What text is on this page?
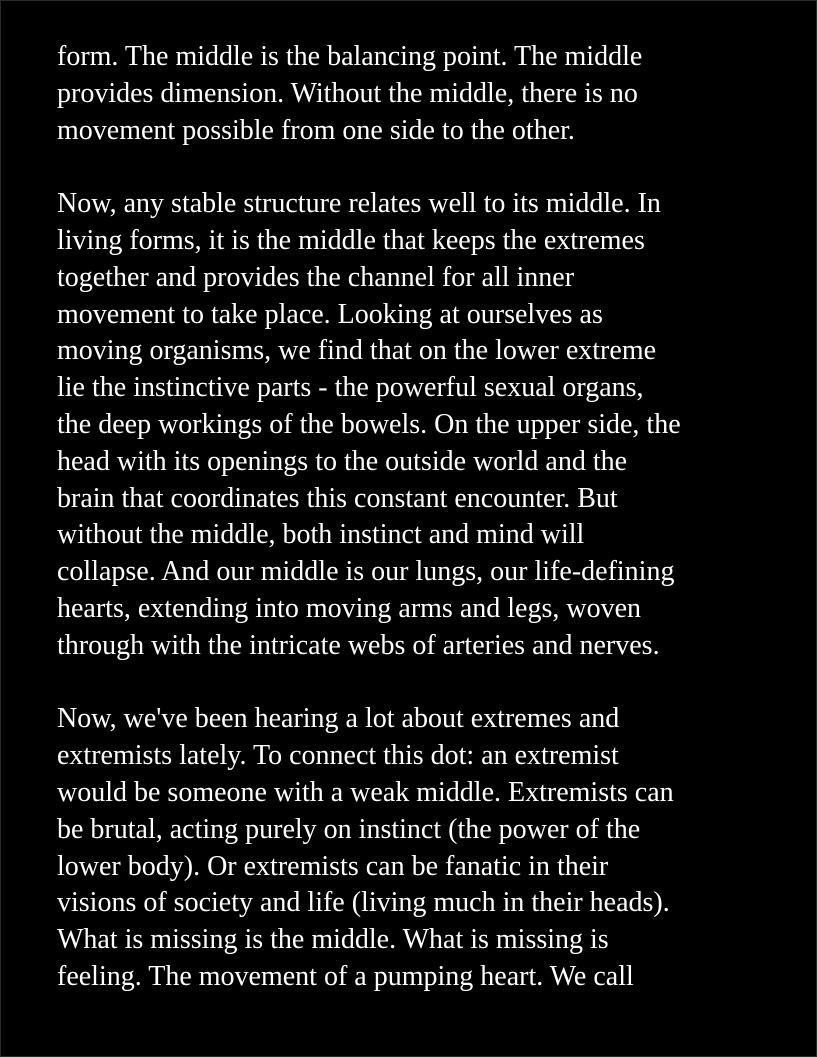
form. The middle is the balancing point. The middle
provides dimension. Without the middle, there is no
movement possible from one side to the other.
Now, any stable structure relates well to its middle. In
living forms, it is the middle that keeps the extremes
together and provides the channel for all inner
movement to take place. Looking at ourselves as
moving organisms, we find that on the lower extreme
lie the instinctive parts - the powerful sexual organs,
the deep workings of the bowels. On the upper side, the
head with its openings to the outside world and the
brain that coordinates this constant encounter. But
without the middle, both instinct and mind will
collapse. And our middle is our lungs, our life-defining
hearts, extending into moving arms and legs, woven
through with the intricate webs of arteries and nerves.
Now, we've been hearing a lot about extremes and
extremists lately. To connect this dot: an extremist
would be someone with a weak middle. Extremists can
be brutal, acting purely on instinct (the power of the
lower body). Or extremists can be fanatic in their
visions of society and life (living much in their heads).
What is missing is the middle. What is missing is
feeling. The movement of a pumping heart. We call
